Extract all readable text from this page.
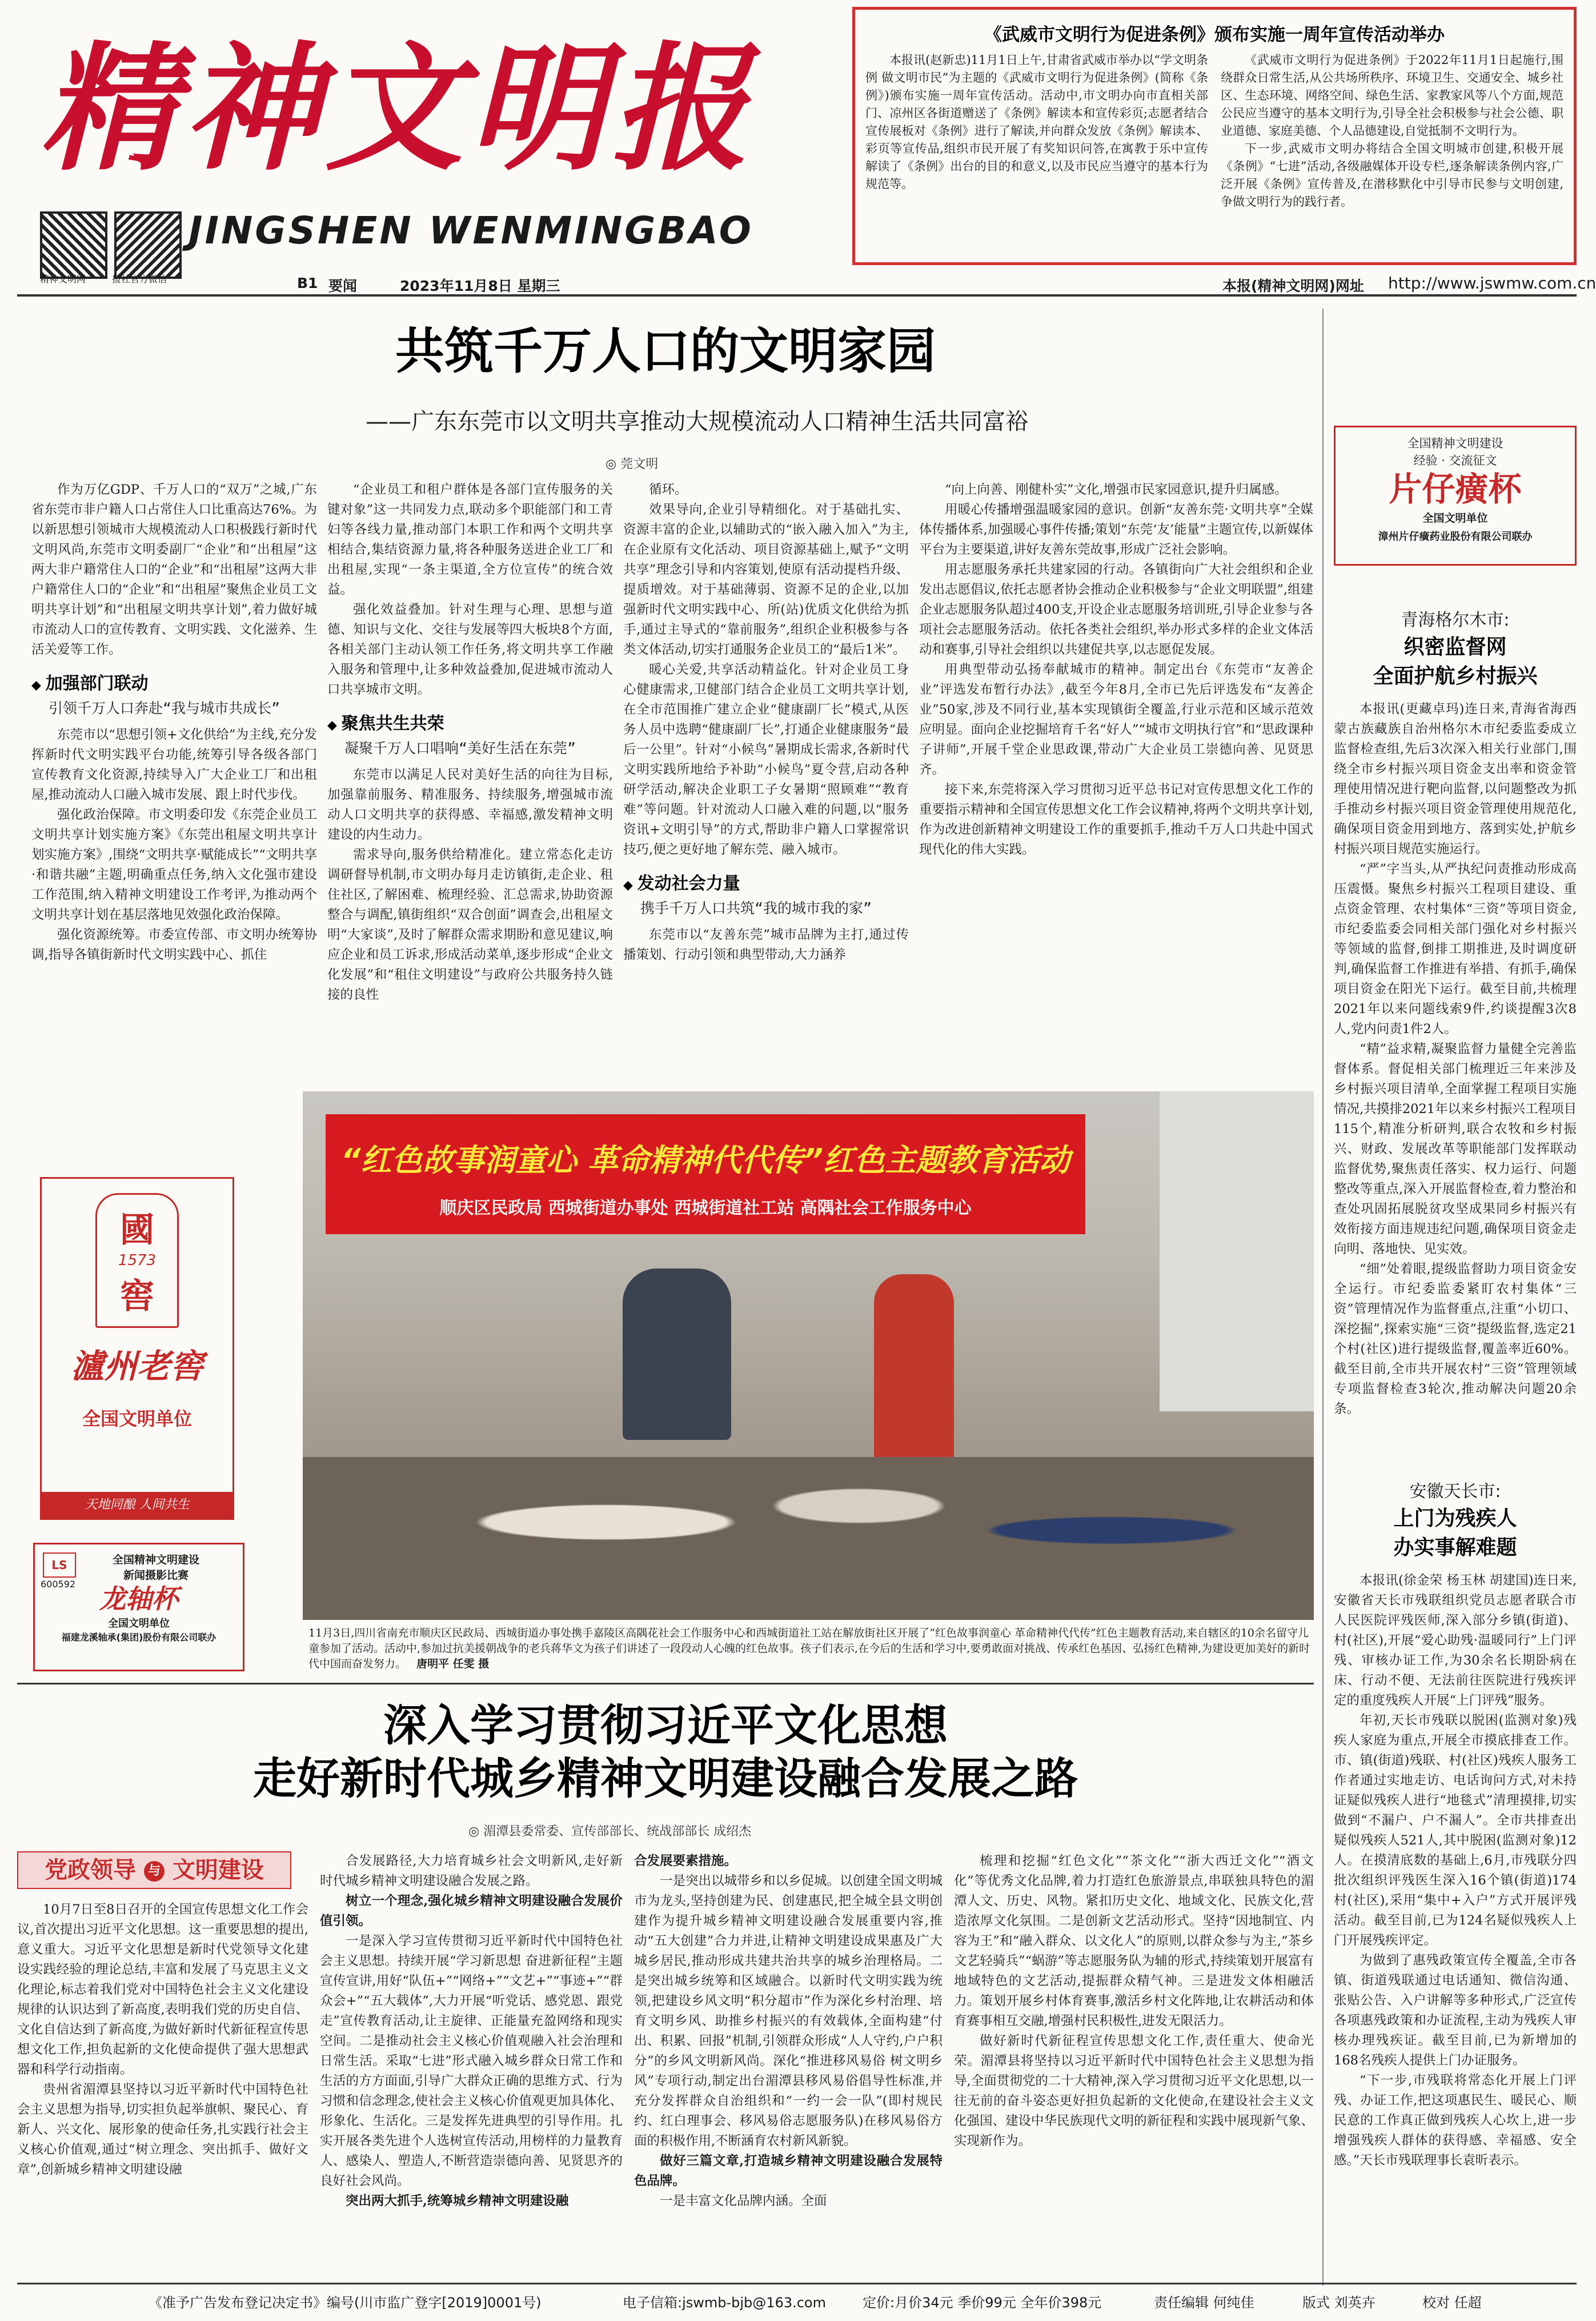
精神文明报
JINGSHEN WENMINGBAO
精神文明网	报社官方微信
《武威市文明行为促进条例》颁布实施一周年宣传活动举办

本报讯(赵新忠)11月1日上午,甘肃省武威市举办以“学文明条例 做文明市民”为主题的《武威市文明行为促进条例》(简称《条例》)颁布实施一周年宣传活动。活动中,市文明办向市直相关部门、凉州区各街道赠送了《条例》解读本和宣传彩页;志愿者结合宣传展板对《条例》进行了解读,并向群众发放《条例》解读本、彩页等宣传品,组织市民开展了有奖知识问答,在寓教于乐中宣传解读了《条例》出台的目的和意义,以及市民应当遵守的基本行为规范等。

《武威市文明行为促进条例》于2022年11月1日起施行,围绕群众日常生活,从公共场所秩序、环境卫生、交通安全、城乡社区、生态环境、网络空间、绿色生活、家教家风等八个方面,规范公民应当遵守的基本文明行为,引导全社会积极参与社会公德、职业道德、家庭美德、个人品德建设,自觉抵制不文明行为。

下一步,武威市文明办将结合全国文明城市创建,积极开展《条例》“七进”活动,各级融媒体开设专栏,逐条解读条例内容,广泛开展《条例》宣传普及,在潜移默化中引导市民参与文明创建,争做文明行为的践行者。

B1 要闻	2023年11月8日 星期三	本报(精神文明网)网址 http://www.jswmw.com.cn
共筑千万人口的文明家园
——广东东莞市以文明共享推动大规模流动人口精神生活共同富裕
◎ 莞文明

作为万亿GDP、千万人口的“双万”之城,广东省东莞市非户籍人口占常住人口比重高达76%。为以新思想引领城市大规模流动人口积极践行新时代文明风尚,东莞市文明委副厂“企业”和“出租屋”这两大非户籍常住人口的“企业”和“出租屋”这两大非户籍常住人口的“企业”和“出租屋”聚焦企业员工文明共享计划”和“出租屋文明共享计划”,着力做好城市流动人口的宣传教育、文明实践、文化滋养、生活关爱等工作。

◆ 加强部门联动
引领千万人口奔赴“我与城市共成长”

东莞市以“思想引领+文化供给”为主线,充分发挥新时代文明实践平台功能,统筹引导各级各部门宣传教育文化资源,持续导入广大企业工厂和出租屋,推动流动人口融入城市发展、跟上时代步伐。

强化政治保障。市文明委印发《东莞企业员工文明共享计划实施方案》《东莞出租屋文明共享计划实施方案》,围绕“文明共享·赋能成长”“文明共享·和谐共融”主题,明确重点任务,纳入文化强市建设工作范围,纳入精神文明建设工作考评,为推动两个文明共享计划在基层落地见效强化政治保障。

强化资源统筹。市委宣传部、市文明办统筹协调,指导各镇街新时代文明实践中心、抓住

“企业员工和租户群体是各部门宣传服务的关键对象”这一共同发力点,联动多个职能部门和工青妇等各线力量,推动部门本职工作和两个文明共享相结合,集结资源力量,将各种服务送进企业工厂和出租屋,实现“一条主渠道,全方位宣传”的统合效益。

强化效益叠加。针对生理与心理、思想与道德、知识与文化、交往与发展等四大板块8个方面,各相关部门主动认领工作任务,将文明共享工作融入服务和管理中,让多种效益叠加,促进城市流动人口共享城市文明。

◆ 聚焦共生共荣
凝聚千万人口唱响“美好生活在东莞”

东莞市以满足人民对美好生活的向往为目标,加强靠前服务、精准服务、持续服务,增强城市流动人口文明共享的获得感、幸福感,激发精神文明建设的内生动力。

需求导向,服务供给精准化。建立常态化走访调研督导机制,市文明办每月走访镇街,走企业、租住社区,了解困难、梳理经验、汇总需求,协助资源整合与调配,镇街组织“双合创面”调查会,出租屋文明“大家谈”,及时了解群众需求期盼和意见建议,响应企业和员工诉求,形成活动菜单,逐步形成“企业文化发展”和“租住文明建设”与政府公共服务持久链接的良性

循环。

效果导向,企业引导精细化。对于基础扎实、资源丰富的企业,以辅助式的“嵌入融入加入”为主,在企业原有文化活动、项目资源基础上,赋予“文明共享”理念引导和内容策划,使原有活动提档升级、提质增效。对于基础薄弱、资源不足的企业,以加强新时代文明实践中心、所(站)优质文化供给为抓手,通过主导式的“靠前服务”,组织企业积极参与各类文体活动,切实打通服务企业员工的“最后1米”。

暖心关爱,共享活动精益化。针对企业员工身心健康需求,卫健部门结合企业员工文明共享计划,在全市范围推广建立企业“健康副厂长”模式,从医务人员中选聘“健康副厂长”,打通企业健康服务“最后一公里”。针对“小候鸟”暑期成长需求,各新时代文明实践所地给予补助“小候鸟”夏令营,启动各种研学活动,解决企业职工子女暑期“照顾难”“教育难”等问题。针对流动人口融入难的问题,以“服务资讯+文明引导”的方式,帮助非户籍人口掌握常识技巧,便之更好地了解东莞、融入城市。

◆ 发动社会力量
携手千万人口共筑“我的城市我的家”

东莞市以“友善东莞”城市品牌为主打,通过传播策划、行动引领和典型带动,大力涵养

“向上向善、刚健朴实”文化,增强市民家园意识,提升归属感。

用暖心传播增强温暖家园的意识。创新“友善东莞·文明共享”全媒体传播体系,加强暖心事件传播;策划“东莞‘友’能量”主题宣传,以新媒体平台为主要渠道,讲好友善东莞故事,形成广泛社会影响。

用志愿服务承托共建家园的行动。各镇街向广大社会组织和企业发出志愿倡议,依托志愿者协会推动企业积极参与“企业文明联盟”,组建企业志愿服务队超过400支,开设企业志愿服务培训班,引导企业参与各项社会志愿服务活动。依托各类社会组织,举办形式多样的企业文体活动和赛事,引导社会组织以共建促共享,以志愿促发展。

用典型带动弘扬奉献城市的精神。制定出台《东莞市“友善企业”评选发布暂行办法》,截至今年8月,全市已先后评选发布“友善企业”50家,涉及不同行业,基本实现镇街全覆盖,行业示范和区域示范效应明显。面向企业挖掘培育千名“好人”“城市文明执行官”和“思政课种子讲师”,开展千堂企业思政课,带动广大企业员工崇德向善、见贤思齐。

接下来,东莞将深入学习贯彻习近平总书记对宣传思想文化工作的重要指示精神和全国宣传思想文化工作会议精神,将两个文明共享计划,作为改进创新精神文明建设工作的重要抓手,推动千万人口共赴中国式现代化的伟大实践。

全国精神文明建设
经验 · 交流征文
片仔癀杯
全国文明单位
漳州片仔癀药业股份有限公司联办
青海格尔木市:
织密监督网
全面护航乡村振兴

本报讯(更藏卓玛)连日来,青海省海西蒙古族藏族自治州格尔木市纪委监委成立监督检查组,先后3次深入相关行业部门,围绕全市乡村振兴项目资金支出率和资金管理使用情况进行靶向监督,以问题整改为抓手推动乡村振兴项目资金管理使用规范化,确保项目资金用到地方、落到实处,护航乡村振兴项目规范实施运行。

“严”字当头,从严执纪问责推动形成高压震慑。聚焦乡村振兴工程项目建设、重点资金管理、农村集体“三资”等项目资金,市纪委监委会同相关部门强化对乡村振兴等领域的监督,倒排工期推进,及时调度研判,确保监督工作推进有举措、有抓手,确保项目资金在阳光下运行。截至目前,共梳理2021年以来问题线索9件,约谈提醒3次8人,党内问责1件2人。

“精”益求精,凝聚监督力量健全完善监督体系。督促相关部门梳理近三年来涉及乡村振兴项目清单,全面掌握工程项目实施情况,共摸排2021年以来乡村振兴工程项目115个,精准分析研判,联合农牧和乡村振兴、财政、发展改革等职能部门发挥联动监督优势,聚焦责任落实、权力运行、问题整改等重点,深入开展监督检查,着力整治和查处巩固拓展脱贫攻坚成果同乡村振兴有效衔接方面违规违纪问题,确保项目资金走向明、落地快、见实效。

“细”处着眼,提级监督助力项目资金安全运行。市纪委监委紧盯农村集体“三资”管理情况作为监督重点,注重“小切口、深挖掘”,探索实施“三资”提级监督,选定21个村(社区)进行提级监督,覆盖率近60%。截至目前,全市共开展农村“三资”管理领域专项监督检查3轮次,推动解决问题20余条。

安徽天长市:
上门为残疾人
办实事解难题

本报讯(徐金荣 杨玉林 胡建国)连日来,安徽省天长市残联组织党员志愿者联合市人民医院评残医师,深入部分乡镇(街道)、村(社区),开展“爱心助残·温暖同行”上门评残、审核办证工作,为30余名长期卧病在床、行动不便、无法前往医院进行残疾评定的重度残疾人开展“上门评残”服务。

年初,天长市残联以脱困(监测对象)残疾人家庭为重点,开展全市摸底排查工作。市、镇(街道)残联、村(社区)残疾人服务工作者通过实地走访、电话询问方式,对未持证疑似残疾人进行“地毯式”清理摸排,切实做到“不漏户、户不漏人”。全市共排查出疑似残疾人521人,其中脱困(监测对象)12人。在摸清底数的基础上,6月,市残联分四批次组织评残医生深入16个镇(街道)174村(社区),采用“集中+入户”方式开展评残活动。截至目前,已为124名疑似残疾人上门开展残疾评定。

为做到了惠残政策宣传全覆盖,全市各镇、街道残联通过电话通知、微信沟通、张贴公告、入户讲解等多种形式,广泛宣传各项惠残政策和办证流程,主动为残疾人审核办理残疾证。截至目前,已为新增加的168名残疾人提供上门办证服务。

“下一步,市残联将常态化开展上门评残、办证工作,把这项惠民生、暖民心、顺民意的工作真正做到残疾人心坎上,进一步增强残疾人群体的获得感、幸福感、安全感。”天长市残联理事长袁昕表示。

國
1573
窖
瀘州老窖
全国文明单位
天地同酿 人间共生
LS
600592
全国精神文明建设
新闻摄影比赛
龙轴杯
全国文明单位
福建龙溪轴承(集团)股份有限公司联办
“红色故事润童心 革命精神代代传”红色主题教育活动
顺庆区民政局 西城街道办事处 西城街道社工站 高隅社会工作服务中心
11月3日,四川省南充市顺庆区民政局、西城街道办事处携手嘉陵区高隅花社会工作服务中心和西城街道社工站在解放街社区开展了“红色故事润童心 革命精神代代传”红色主题教育活动,来自辖区的10余名留守儿童参加了活动。活动中,参加过抗美援朝战争的老兵蒋华文为孩子们讲述了一段段动人心魄的红色故事。孩子们表示,在今后的生活和学习中,要勇敢面对挑战、传承红色基因、弘扬红色精神,为建设更加美好的新时代中国而奋发努力。 唐明平 任雯 摄
深入学习贯彻习近平文化思想
走好新时代城乡精神文明建设融合发展之路
◎ 湄潭县委常委、宣传部部长、统战部部长 成绍杰
党政领导 与 文明建设

10月7日至8日召开的全国宣传思想文化工作会议,首次提出习近平文化思想。这一重要思想的提出,意义重大。习近平文化思想是新时代党领导文化建设实践经验的理论总结,丰富和发展了马克思主义文化理论,标志着我们党对中国特色社会主义文化建设规律的认识达到了新高度,表明我们党的历史自信、文化自信达到了新高度,为做好新时代新征程宣传思想文化工作,担负起新的文化使命提供了强大思想武器和科学行动指南。

贵州省湄潭县坚持以习近平新时代中国特色社会主义思想为指导,切实担负起举旗帜、聚民心、育新人、兴文化、展形象的使命任务,扎实践行社会主义核心价值观,通过“树立理念、突出抓手、做好文章”,创新城乡精神文明建设融

合发展路径,大力培育城乡社会文明新风,走好新时代城乡精神文明建设融合发展之路。

树立一个理念,强化城乡精神文明建设融合发展价值引领。

一是深入学习宣传贯彻习近平新时代中国特色社会主义思想。持续开展“学习新思想 奋进新征程”主题宣传宣讲,用好“队伍+”“网络+”“文艺+”“事迹+”“群众会+”“五大载体”,大力开展“听党话、感党恩、跟党走”宣传教育活动,让主旋律、正能量充盈网络和现实空间。二是推动社会主义核心价值观融入社会治理和日常生活。采取“七进”形式融入城乡群众日常工作和生活的方方面面,引导广大群众正确的思维方式、行为习惯和信念理念,使社会主义核心价值观更加具体化、形象化、生活化。三是发挥先进典型的引导作用。扎实开展各类先进个人选树宣传活动,用榜样的力量教育人、感染人、塑造人,不断营造崇德向善、见贤思齐的良好社会风尚。

突出两大抓手,统筹城乡精神文明建设融

合发展要素措施。

一是突出以城带乡和以乡促城。以创建全国文明城市为龙头,坚持创建为民、创建惠民,把全城全县文明创建作为提升城乡精神文明建设融合发展重要内容,推动“五大创建”合力并进,让精神文明建设成果惠及广大城乡居民,推动形成共建共治共享的城乡治理格局。二是突出城乡统筹和区域融合。以新时代文明实践为统领,把建设乡风文明“积分超市”作为深化乡村治理、培育文明乡风、助推乡村振兴的有效载体,全面构建“付出、积累、回报”机制,引领群众形成“人人守约,户户积分”的乡风文明新风尚。深化“推进移风易俗 树文明乡风”专项行动,制定出台湄潭县移风易俗倡导性标准,并充分发挥群众自治组织和“一约一会一队”(即村规民约、红白理事会、移风易俗志愿服务队)在移风易俗方面的积极作用,不断涵育农村新风新貌。

做好三篇文章,打造城乡精神文明建设融合发展特色品牌。

一是丰富文化品牌内涵。全面

梳理和挖掘“红色文化”“茶文化”“浙大西迁文化”“酒文化”等优秀文化品牌,着力打造红色旅游景点,串联独具特色的湄潭人文、历史、风物。紧扣历史文化、地域文化、民族文化,营造浓厚文化氛围。二是创新文艺活动形式。坚持“因地制宜、内容为王”和“融入群众、以文化人”的原则,以群众参与为主,“茶乡文艺轻骑兵”“蜗游”等志愿服务队为辅的形式,持续策划开展富有地域特色的文艺活动,提振群众精气神。三是进发文体相融活力。策划开展乡村体育赛事,激活乡村文化阵地,让农耕活动和体育赛事相互交融,增强村民积极性,进发无限活力。

做好新时代新征程宣传思想文化工作,责任重大、使命光荣。湄潭县将坚持以习近平新时代中国特色社会主义思想为指导,全面贯彻党的二十大精神,深入学习贯彻习近平文化思想,以一往无前的奋斗姿态更好担负起新的文化使命,在建设社会主义文化强国、建设中华民族现代文明的新征程和实践中展现新气象、实现新作为。

《准予广告发布登记决定书》编号(川市监广登字[2019]0001号)	电子信箱:jswmb-bjb@163.com	定价:月价34元 季价99元 全年价398元	责任编辑 何纯佳	版式 刘英卉	校对 任超
